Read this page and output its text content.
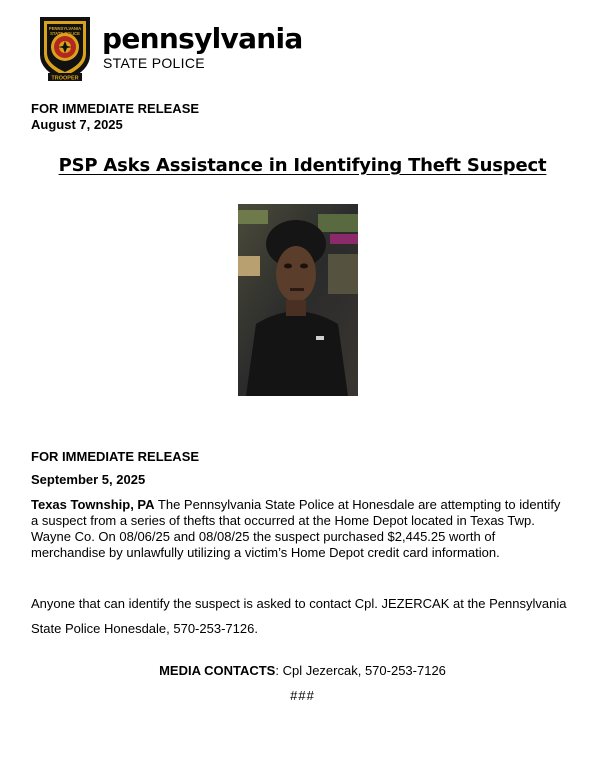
TROOPER
PENNSYLVANIA
STATE POLICE pennsylvania
STATE POLICE
FOR IMMEDIATE RELEASE
August 7, 2025
PSP Asks Assistance in Identifying Theft Suspect
FOR IMMEDIATE RELEASE
September 5, 2025
Texas Township, PA The Pennsylvania State Police at Honesdale are attempting to identify a suspect from a series of thefts that occurred at the Home Depot located in Texas Twp. Wayne Co. On 08/06/25 and 08/08/25 the suspect purchased $2,445.25 worth of merchandise by unlawfully utilizing a victim’s Home Depot credit card information.
Anyone that can identify the suspect is asked to contact Cpl. JEZERCAK at the Pennsylvania State Police Honesdale, 570-253-7126.
MEDIA CONTACTS: Cpl Jezercak, 570-253-7126
###
